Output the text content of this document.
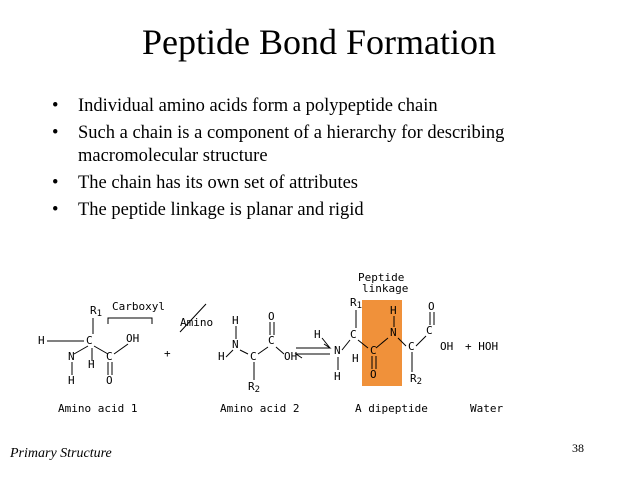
Peptide Bond Formation
• Individual amino acids form a polypeptide chain
• Such a chain is a component of a hierarchy for describing macromolecular structure
• The chain has its own set of attributes
• The peptide linkage is planar and rigid
Peptide
linkage
R1
Carboxyl
H	C	OH
N
H
C
H	O
+
Amino H	O
N	C
H C OH
R2
R1	H	O
H	C	N	C
N	C	C OH + HOH
H
H	O	R2
Amino acid 1	Amino acid 2	A dipeptide	Water
Primary Structure	38
